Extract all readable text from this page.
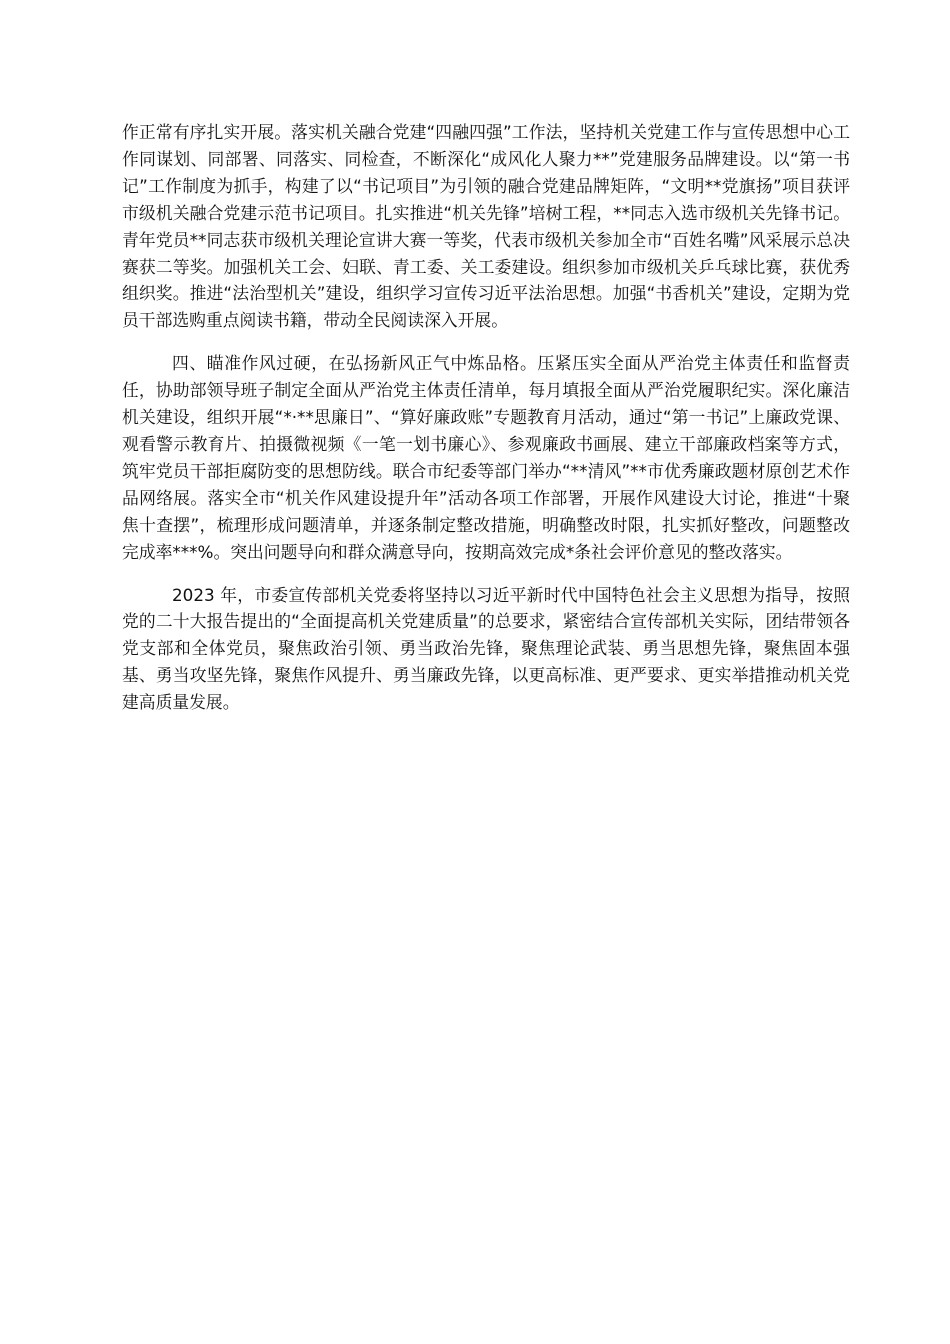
作正常有序扎实开展。落实机关融合党建“四融四强”工作法，坚持机关党建工作与宣传思想中心工作同谋划、同部署、同落实、同检查，不断深化“成风化人聚力**”党建服务品牌建设。以“第一书记”工作制度为抓手，构建了以“书记项目”为引领的融合党建品牌矩阵，“文明**党旗扬”项目获评市级机关融合党建示范书记项目。扎实推进“机关先锋”培树工程，**同志入选市级机关先锋书记。青年党员**同志获市级机关理论宣讲大赛一等奖，代表市级机关参加全市“百姓名嘴”风采展示总决赛获二等奖。加强机关工会、妇联、青工委、关工委建设。组织参加市级机关乒乓球比赛，获优秀组织奖。推进“法治型机关”建设，组织学习宣传习近平法治思想。加强“书香机关”建设，定期为党员干部选购重点阅读书籍，带动全民阅读深入开展。

四、瞄准作风过硬，在弘扬新风正气中炼品格。压紧压实全面从严治党主体责任和监督责任，协助部领导班子制定全面从严治党主体责任清单，每月填报全面从严治党履职纪实。深化廉洁机关建设，组织开展“*·**思廉日”、“算好廉政账”专题教育月活动，通过“第一书记”上廉政党课、观看警示教育片、拍摄微视频《一笔一划书廉心》、参观廉政书画展、建立干部廉政档案等方式，筑牢党员干部拒腐防变的思想防线。联合市纪委等部门举办“**清风”**市优秀廉政题材原创艺术作品网络展。落实全市“机关作风建设提升年”活动各项工作部署，开展作风建设大讨论，推进“十聚焦十查摆”，梳理形成问题清单，并逐条制定整改措施，明确整改时限，扎实抓好整改，问题整改完成率***%。突出问题导向和群众满意导向，按期高效完成*条社会评价意见的整改落实。

2023 年，市委宣传部机关党委将坚持以习近平新时代中国特色社会主义思想为指导，按照党的二十大报告提出的“全面提高机关党建质量”的总要求，紧密结合宣传部机关实际，团结带领各党支部和全体党员，聚焦政治引领、勇当政治先锋，聚焦理论武装、勇当思想先锋，聚焦固本强基、勇当攻坚先锋，聚焦作风提升、勇当廉政先锋，以更高标准、更严要求、更实举措推动机关党建高质量发展。
